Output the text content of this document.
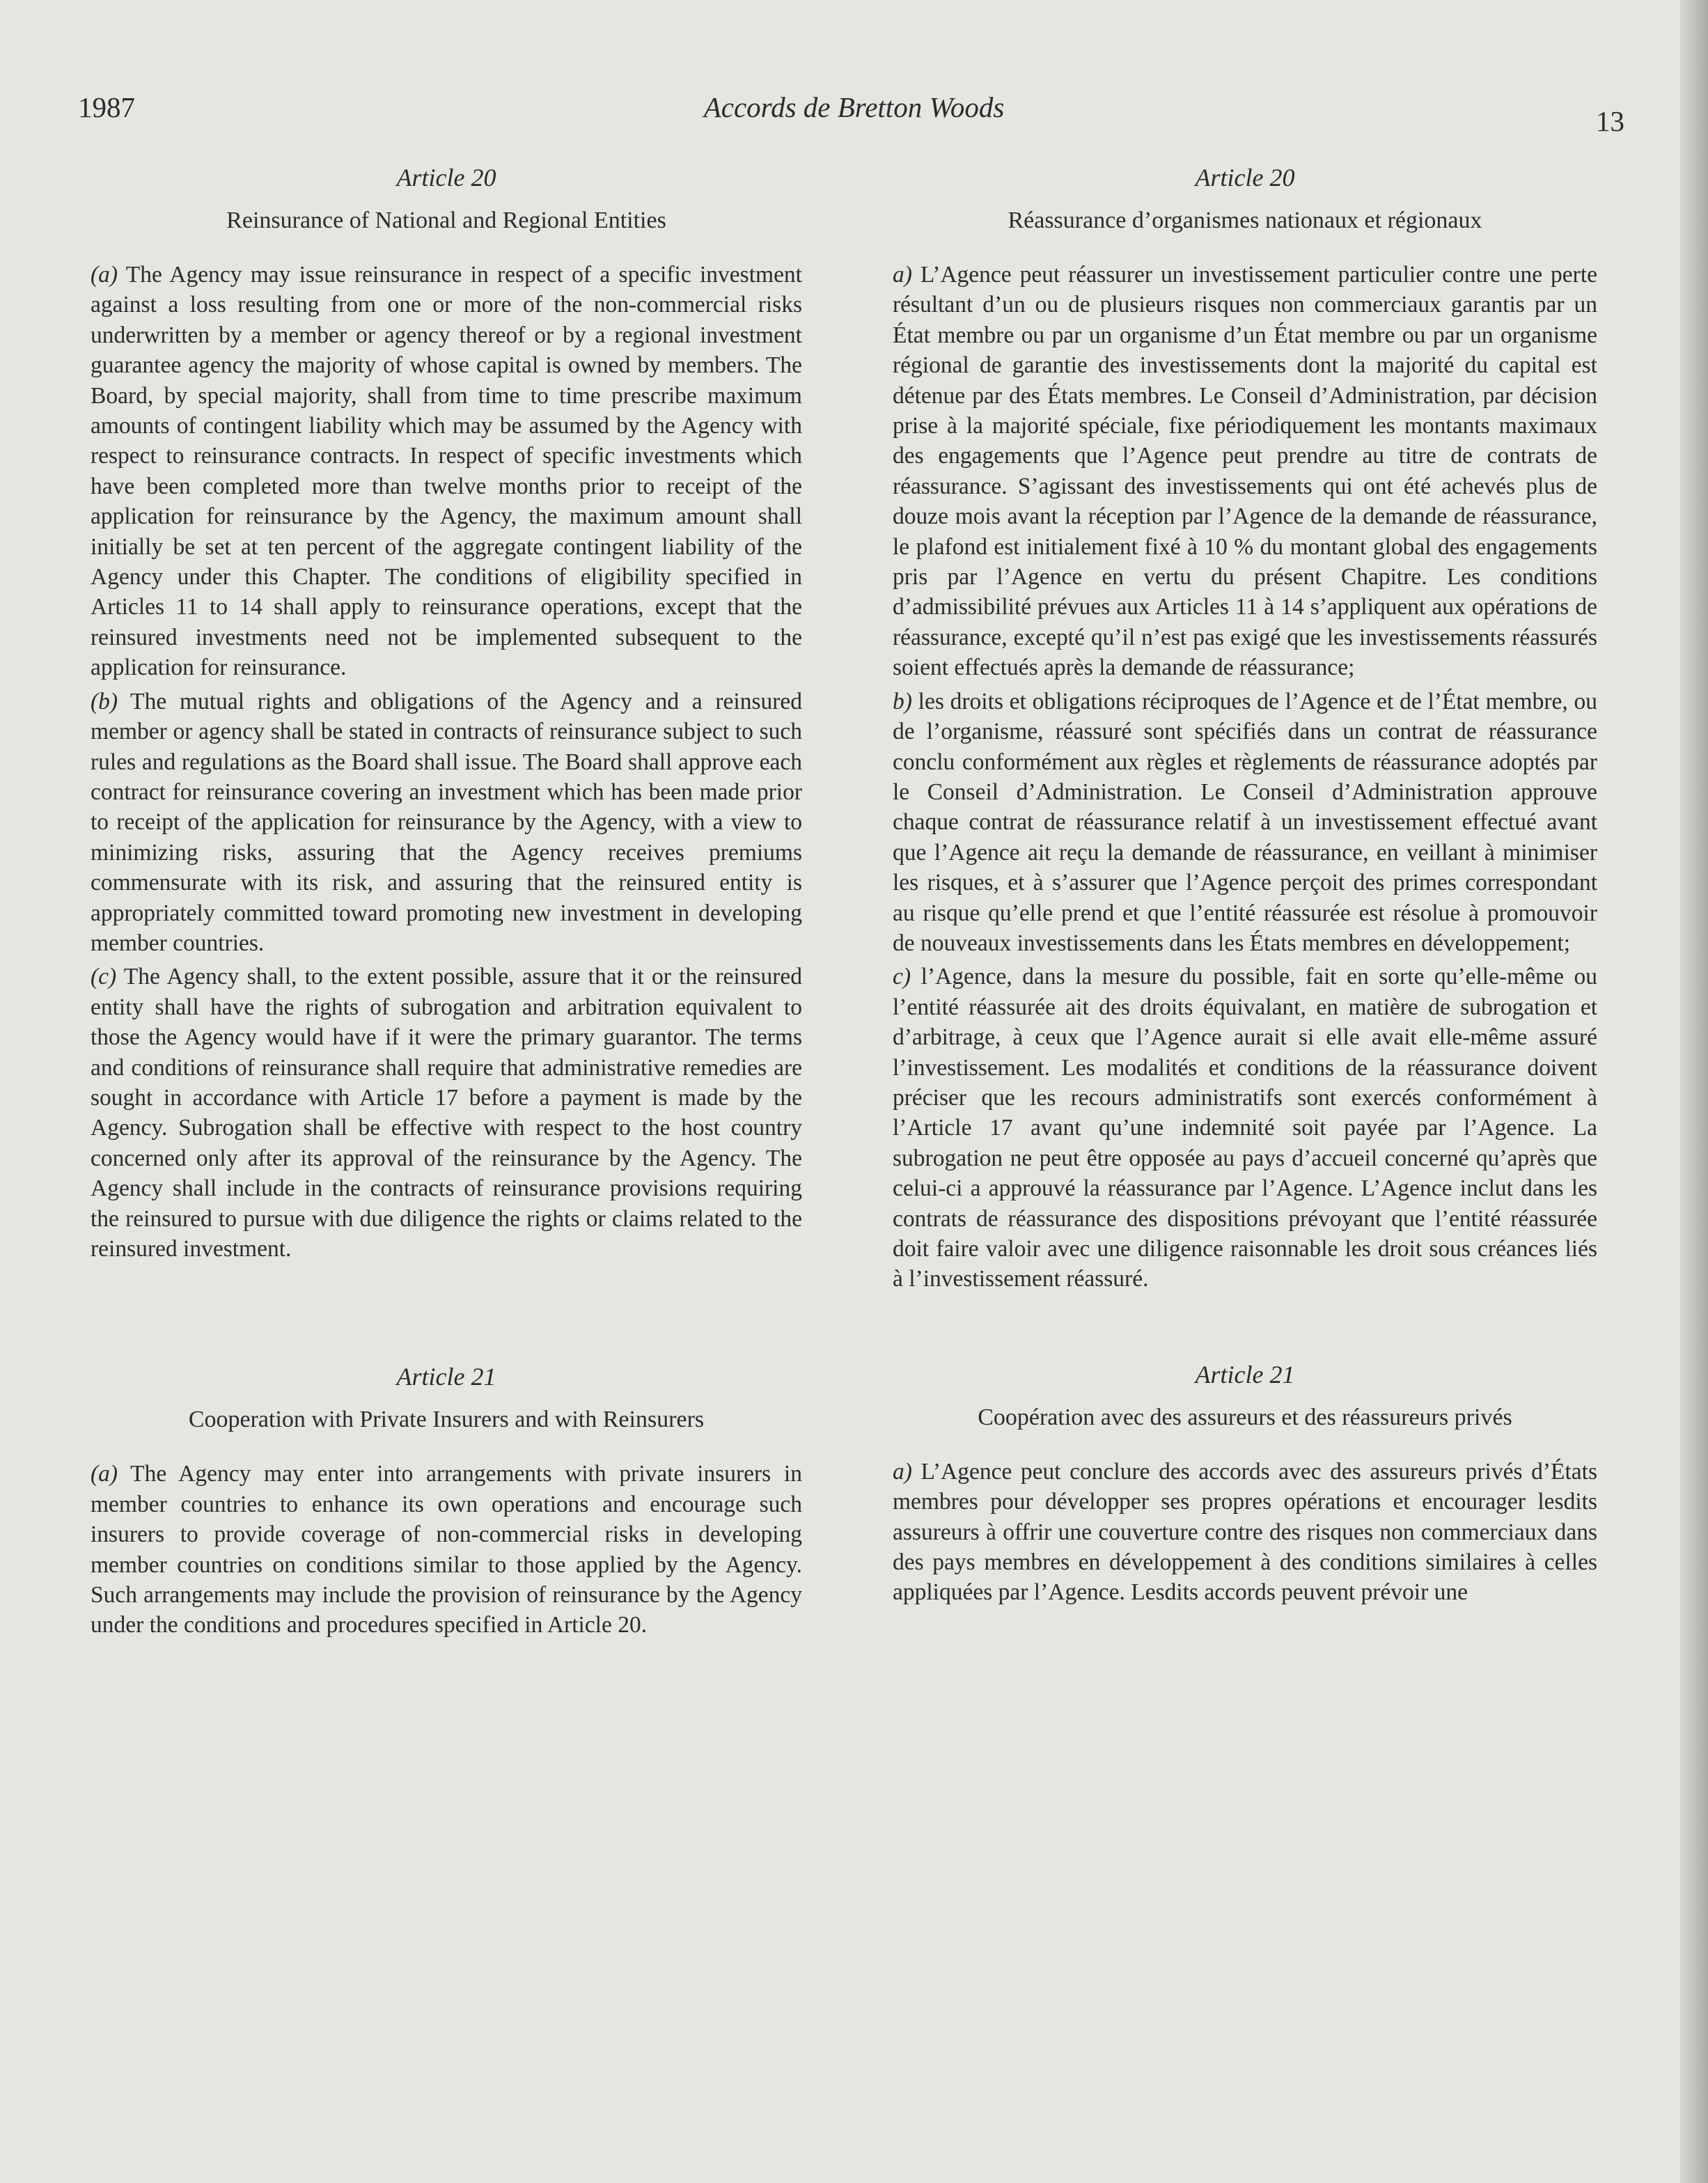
1987	Accords de Bretton Woods	13
Article 20
Reinsurance of National and Regional Entities

(a) The Agency may issue reinsurance in respect of a specific investment against a loss resulting from one or more of the non-commercial risks underwritten by a member or agency thereof or by a regional investment guarantee agency the majority of whose capital is owned by members. The Board, by special majority, shall from time to time prescribe maximum amounts of contingent liability which may be assumed by the Agency with respect to reinsurance contracts. In respect of specific investments which have been completed more than twelve months prior to receipt of the application for reinsurance by the Agency, the maximum amount shall initially be set at ten percent of the aggregate contingent liability of the Agency under this Chapter. The conditions of eligibility specified in Articles 11 to 14 shall apply to reinsurance operations, except that the reinsured investments need not be implemented subsequent to the application for reinsurance.

(b) The mutual rights and obligations of the Agency and a reinsured member or agency shall be stated in contracts of reinsurance subject to such rules and regulations as the Board shall issue. The Board shall approve each contract for reinsurance covering an investment which has been made prior to receipt of the application for reinsurance by the Agency, with a view to minimizing risks, assuring that the Agency receives premiums commensurate with its risk, and assuring that the reinsured entity is appropriately committed toward promoting new investment in developing member countries.

(c) The Agency shall, to the extent possible, assure that it or the reinsured entity shall have the rights of subrogation and arbitration equivalent to those the Agency would have if it were the primary guarantor. The terms and conditions of reinsurance shall require that administrative remedies are sought in accordance with Article 17 before a payment is made by the Agency. Subrogation shall be effective with respect to the host country concerned only after its approval of the reinsurance by the Agency. The Agency shall include in the contracts of reinsurance provisions requiring the reinsured to pursue with due diligence the rights or claims related to the reinsured investment.

Article 21
Cooperation with Private Insurers and with Reinsurers

(a) The Agency may enter into arrangements with private insurers in member countries to enhance its own operations and encourage such insurers to provide coverage of non-commercial risks in developing member countries on conditions similar to those applied by the Agency. Such arrangements may include the provision of reinsurance by the Agency under the conditions and procedures specified in Article 20.

Article 20
Réassurance d’organismes nationaux et régionaux

a) L’Agence peut réassurer un investissement particulier contre une perte résultant d’un ou de plusieurs risques non commerciaux garantis par un État membre ou par un organisme d’un État membre ou par un organisme régional de garantie des investissements dont la majorité du capital est détenue par des États membres. Le Conseil d’Administration, par décision prise à la majorité spéciale, fixe périodiquement les montants maximaux des engagements que l’Agence peut prendre au titre de contrats de réassurance. S’agissant des investissements qui ont été achevés plus de douze mois avant la réception par l’Agence de la demande de réassurance, le plafond est initialement fixé à 10 % du montant global des engagements pris par l’Agence en vertu du présent Chapitre. Les conditions d’admissibilité prévues aux Articles 11 à 14 s’appliquent aux opérations de réassurance, excepté qu’il n’est pas exigé que les investissements réassurés soient effectués après la demande de réassurance;

b) les droits et obligations réciproques de l’Agence et de l’État membre, ou de l’organisme, réassuré sont spécifiés dans un contrat de réassurance conclu conformément aux règles et règlements de réassurance adoptés par le Conseil d’Administration. Le Conseil d’Administration approuve chaque contrat de réassurance relatif à un investissement effectué avant que l’Agence ait reçu la demande de réassurance, en veillant à minimiser les risques, et à s’assurer que l’Agence perçoit des primes correspondant au risque qu’elle prend et que l’entité réassurée est résolue à promouvoir de nouveaux investissements dans les États membres en développement;

c) l’Agence, dans la mesure du possible, fait en sorte qu’elle-même ou l’entité réassurée ait des droits équivalant, en matière de subrogation et d’arbitrage, à ceux que l’Agence aurait si elle avait elle-même assuré l’investissement. Les modalités et conditions de la réassurance doivent préciser que les recours administratifs sont exercés conformément à l’Article 17 avant qu’une indemnité soit payée par l’Agence. La subrogation ne peut être opposée au pays d’accueil concerné qu’après que celui-ci a approuvé la réassurance par l’Agence. L’Agence inclut dans les contrats de réassurance des dispositions prévoyant que l’entité réassurée doit faire valoir avec une diligence raisonnable les droit sous créances liés à l’investissement réassuré.

Article 21
Coopération avec des assureurs et des réassureurs privés

a) L’Agence peut conclure des accords avec des assureurs privés d’États membres pour développer ses propres opérations et encourager lesdits assureurs à offrir une couverture contre des risques non commerciaux dans des pays membres en développement à des conditions similaires à celles appliquées par l’Agence. Lesdits accords peuvent prévoir une
